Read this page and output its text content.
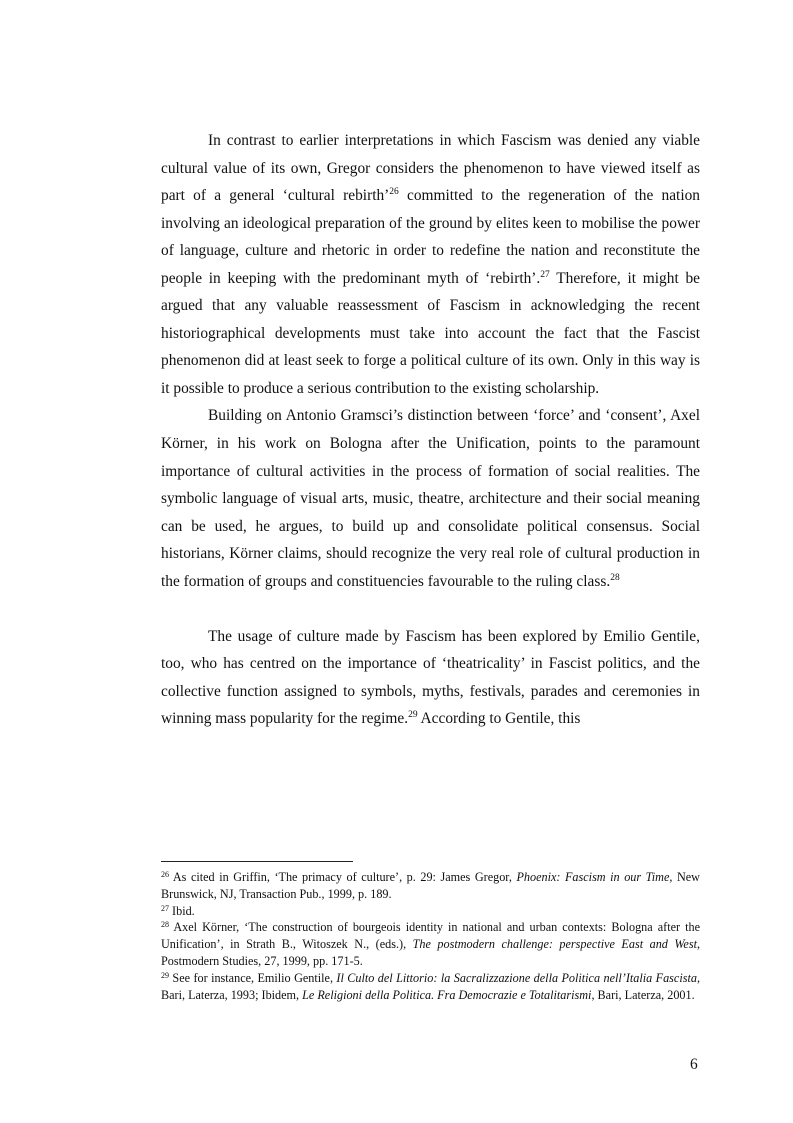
In contrast to earlier interpretations in which Fascism was denied any viable cultural value of its own, Gregor considers the phenomenon to have viewed itself as part of a general ‘cultural rebirth’$^{26}$ committed to the regeneration of the nation involving an ideological preparation of the ground by elites keen to mobilise the power of language, culture and rhetoric in order to redefine the nation and reconstitute the people in keeping with the predominant myth of ‘rebirth’.$^{27}$ Therefore, it might be argued that any valuable reassessment of Fascism in acknowledging the recent historiographical developments must take into account the fact that the Fascist phenomenon did at least seek to forge a political culture of its own. Only in this way is it possible to produce a serious contribution to the existing scholarship.

Building on Antonio Gramsci’s distinction between ‘force’ and ‘consent’, Axel Körner, in his work on Bologna after the Unification, points to the paramount importance of cultural activities in the process of formation of social realities. The symbolic language of visual arts, music, theatre, architecture and their social meaning can be used, he argues, to build up and consolidate political consensus. Social historians, Körner claims, should recognize the very real role of cultural production in the formation of groups and constituencies favourable to the ruling class.$^{28}$

The usage of culture made by Fascism has been explored by Emilio Gentile, too, who has centred on the importance of ‘theatricality’ in Fascist politics, and the collective function assigned to symbols, myths, festivals, parades and ceremonies in winning mass popularity for the regime.$^{29}$ According to Gentile, this

$^{26}$ As cited in Griffin, ‘The primacy of culture’, p. 29: James Gregor, Phoenix: Fascism in our Time, New Brunswick, NJ, Transaction Pub., 1999, p. 189.

$^{27}$ Ibid.

$^{28}$ Axel Körner, ‘The construction of bourgeois identity in national and urban contexts: Bologna after the Unification’, in Strath B., Witoszek N., (eds.), The postmodern challenge: perspective East and West, Postmodern Studies, 27, 1999, pp. 171-5.

$^{29}$ See for instance, Emilio Gentile, Il Culto del Littorio: la Sacralizzazione della Politica nell’Italia Fascista, Bari, Laterza, 1993; Ibidem, Le Religioni della Politica. Fra Democrazie e Totalitarismi, Bari, Laterza, 2001.

6
